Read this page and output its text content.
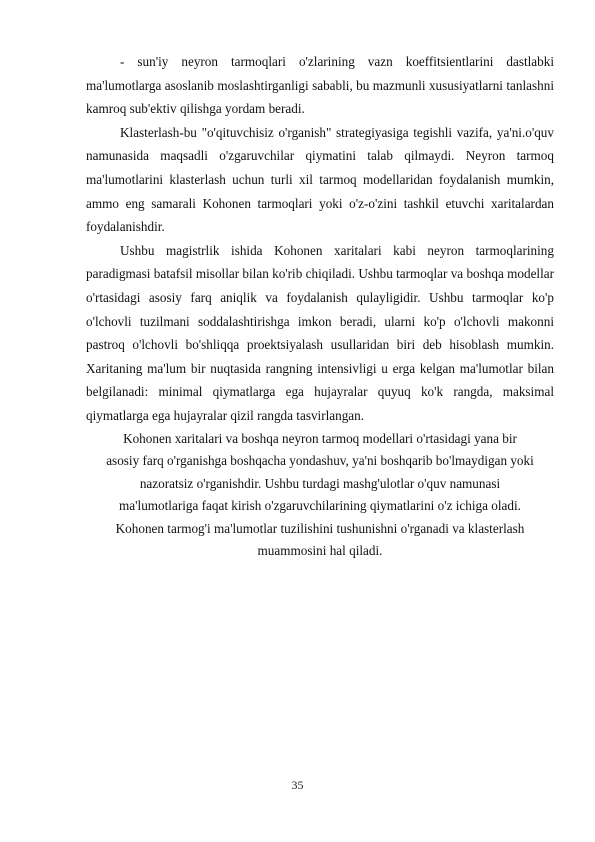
- sun'iy neyron tarmoqlari o'zlarining vazn koeffitsientlarini dastlabki ma'lumotlarga asoslanib moslashtirganligi sababli, bu mazmunli xususiyatlarni tanlashni kamroq sub'ektiv qilishga yordam beradi.

Klasterlash-bu "o'qituvchisiz o'rganish" strategiyasiga tegishli vazifa, ya'ni.o'quv namunasida maqsadli o'zgaruvchilar qiymatini talab qilmaydi. Neyron tarmoq ma'lumotlarini klasterlash uchun turli xil tarmoq modellaridan foydalanish mumkin, ammo eng samarali Kohonen tarmoqlari yoki o'z-o'zini tashkil etuvchi xaritalardan foydalanishdir.

Ushbu magistrlik ishida Kohonen xaritalari kabi neyron tarmoqlarining paradigmasi batafsil misollar bilan ko'rib chiqiladi. Ushbu tarmoqlar va boshqa modellar o'rtasidagi asosiy farq aniqlik va foydalanish qulayligidir. Ushbu tarmoqlar ko'p o'lchovli tuzilmani soddalashtirishga imkon beradi, ularni ko'p o'lchovli makonni pastroq o'lchovli bo'shliqqa proektsiyalash usullaridan biri deb hisoblash mumkin. Xaritaning ma'lum bir nuqtasida rangning intensivligi u erga kelgan ma'lumotlar bilan belgilanadi: minimal qiymatlarga ega hujayralar quyuq ko'k rangda, maksimal qiymatlarga ega hujayralar qizil rangda tasvirlangan.

Kohonen xaritalari va boshqa neyron tarmoq modellari o'rtasidagi yana bir

asosiy farq o'rganishga boshqacha yondashuv, ya'ni boshqarib bo'lmaydigan yoki

nazoratsiz o'rganishdir. Ushbu turdagi mashg'ulotlar o'quv namunasi

ma'lumotlariga faqat kirish o'zgaruvchilarining qiymatlarini o'z ichiga oladi.

Kohonen tarmog'i ma'lumotlar tuzilishini tushunishni o'rganadi va klasterlash

muammosini hal qiladi.

35
